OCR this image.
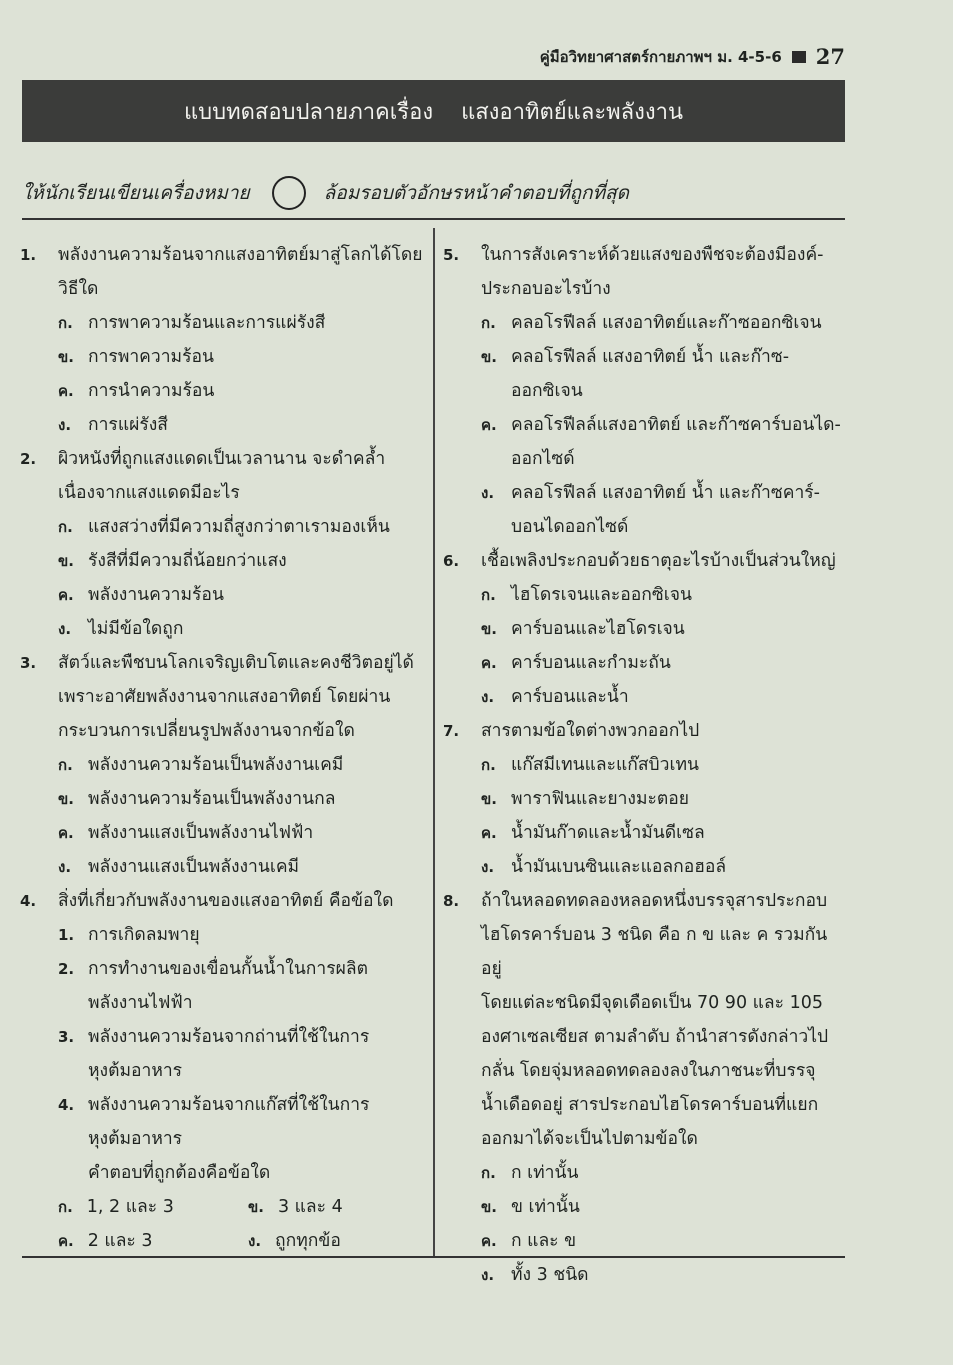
คู่มือวิทยาศาสตร์กายภาพฯ ม. 4-5-6 27
แบบทดสอบปลายภาคเรื่อง แสงอาทิตย์และพลังงาน
ให้นักเรียนเขียนเครื่องหมาย ○ ล้อมรอบตัวอักษรหน้าคำตอบที่ถูกที่สุด
1.	พลังงานความร้อนจากแสงอาทิตย์มาสู่โลกได้โดย
วิธีใด
ก. การพาความร้อนและการแผ่รังสี
ข. การพาความร้อน
ค. การนำความร้อน
ง. การแผ่รังสี
2.	ผิวหนังที่ถูกแสงแดดเป็นเวลานาน จะดำคล้ำ
เนื่องจากแสงแดดมีอะไร
ก. แสงสว่างที่มีความถี่สูงกว่าตาเรามองเห็น
ข. รังสีที่มีความถี่น้อยกว่าแสง
ค. พลังงานความร้อน
ง. ไม่มีข้อใดถูก
3.	สัตว์และพืชบนโลกเจริญเติบโตและคงชีวิตอยู่ได้
เพราะอาศัยพลังงานจากแสงอาทิตย์ โดยผ่าน
กระบวนการเปลี่ยนรูปพลังงานจากข้อใด
ก. พลังงานความร้อนเป็นพลังงานเคมี
ข. พลังงานความร้อนเป็นพลังงานกล
ค. พลังงานแสงเป็นพลังงานไฟฟ้า
ง. พลังงานแสงเป็นพลังงานเคมี
4.	สิ่งที่เกี่ยวกับพลังงานของแสงอาทิตย์ คือข้อใด
1. การเกิดลมพายุ
2. การทำงานของเขื่อนกั้นน้ำในการผลิต
พลังงานไฟฟ้า
3. พลังงานความร้อนจากถ่านที่ใช้ในการ
หุงต้มอาหาร
4. พลังงานความร้อนจากแก๊สที่ใช้ในการ
หุงต้มอาหาร
คำตอบที่ถูกต้องคือข้อใด
ก. 1, 2 และ 3	ข. 3 และ 4
ค. 2 และ 3	ง. ถูกทุกข้อ
5.	ในการสังเคราะห์ด้วยแสงของพืชจะต้องมีองค์-
ประกอบอะไรบ้าง
ก. คลอโรฟีลล์ แสงอาทิตย์และก๊าซออกซิเจน
ข. คลอโรฟีลล์ แสงอาทิตย์ น้ำ และก๊าซ-
ออกซิเจน
ค. คลอโรฟีลล์แสงอาทิตย์ และก๊าซคาร์บอนได-
ออกไซด์
ง. คลอโรฟีลล์ แสงอาทิตย์ น้ำ และก๊าซคาร์-
บอนไดออกไซด์
6.	เชื้อเพลิงประกอบด้วยธาตุอะไรบ้างเป็นส่วนใหญ่
ก. ไฮโดรเจนและออกซิเจน
ข. คาร์บอนและไฮโดรเจน
ค. คาร์บอนและกำมะถัน
ง. คาร์บอนและน้ำ
7.	สารตามข้อใดต่างพวกออกไป
ก. แก๊สมีเทนและแก๊สบิวเทน
ข. พาราฟินและยางมะตอย
ค. น้ำมันก๊าดและน้ำมันดีเซล
ง. น้ำมันเบนซินและแอลกอฮอล์
8.	ถ้าในหลอดทดลองหลอดหนึ่งบรรจุสารประกอบ
ไฮโดรคาร์บอน 3 ชนิด คือ ก ข และ ค รวมกันอยู่
โดยแต่ละชนิดมีจุดเดือดเป็น 70 90 และ 105
องศาเซลเซียส ตามลำดับ ถ้านำสารดังกล่าวไป
กลั่น โดยจุ่มหลอดทดลองลงในภาชนะที่บรรจุ
น้ำเดือดอยู่ สารประกอบไฮโดรคาร์บอนที่แยก
ออกมาได้จะเป็นไปตามข้อใด
ก. ก เท่านั้น
ข. ข เท่านั้น
ค. ก และ ข
ง. ทั้ง 3 ชนิด
